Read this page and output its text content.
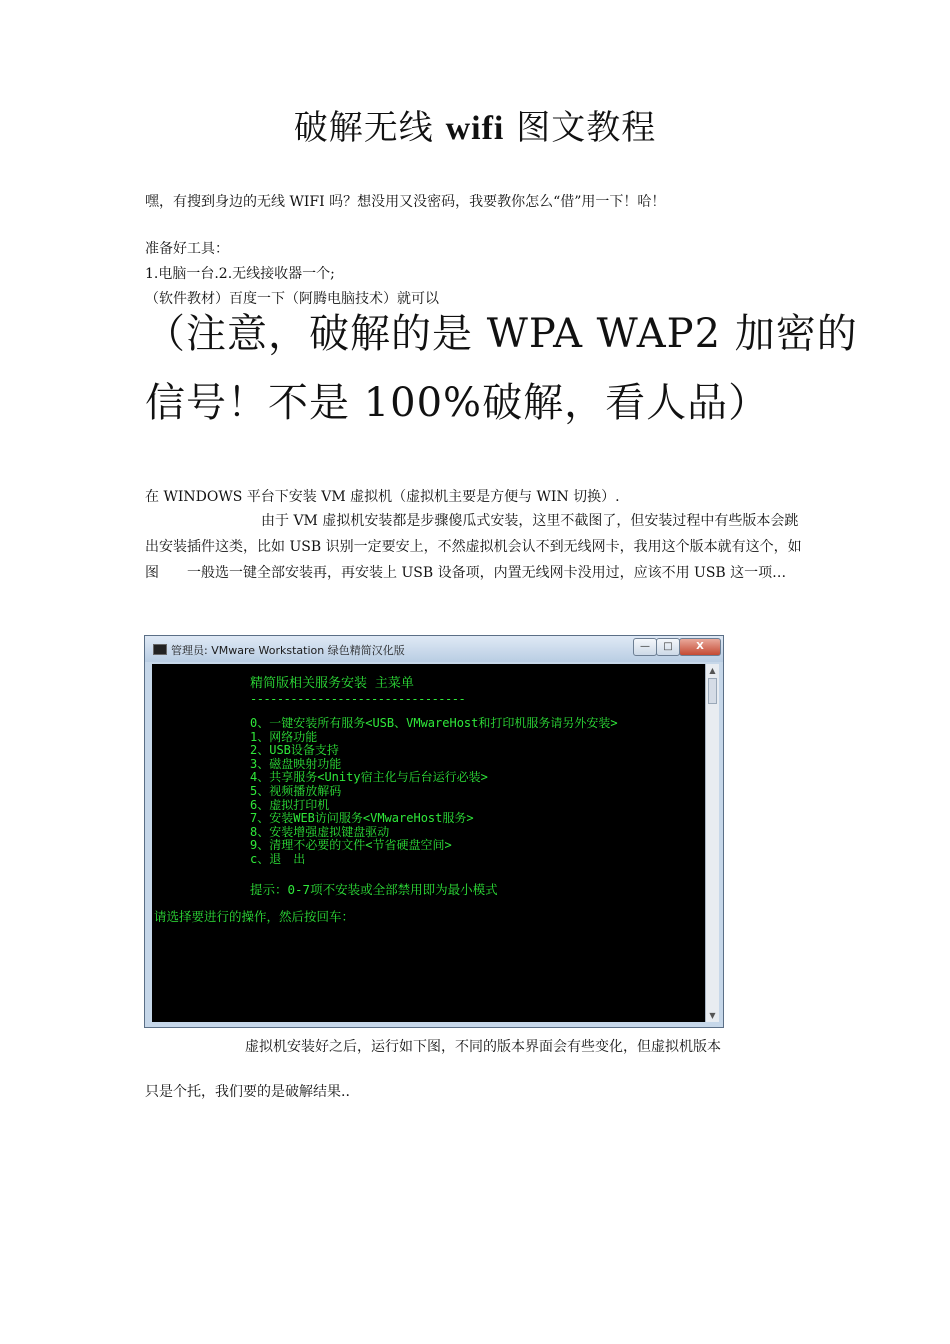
破解无线 wifi 图文教程
嘿，有搜到身边的无线 WIFI 吗？想没用又没密码，我要教你怎么“借”用一下！哈！
准备好工具：
1.电脑一台.2.无线接收器一个;
（软件教材）百度一下（阿腾电脑技术）就可以
（注意，破解的是 WPA WAP2 加密的
信号！不是 100%破解，看人品）
在 WINDOWS 平台下安装 VM 虚拟机（虚拟机主要是方便与 WIN 切换）.
由于 VM 虚拟机安装都是步骤傻瓜式安装，这里不截图了，但安装过程中有些版本会跳出安装插件这类，比如 USB 识别一定要安上，不然虚拟机会认不到无线网卡，我用这个版本就有这个，如图　　一般选一键全部安装再，再安装上 USB 设备项，内置无线网卡没用过，应该不用 USB 这一项…
管理员: VMware Workstation 绿色精简汉化版	—	□	X
精简版相关服务安装 主菜单
--------------------------------
0、一键安装所有服务<USB、VMwareHost和打印机服务请另外安装>
1、网络功能
2、USB设备支持
3、磁盘映射功能
4、共享服务<Unity宿主化与后台运行必装>
5、视频播放解码
6、虚拟打印机
7、安装WEB访问服务<VMwareHost服务>
8、安装增强虚拟键盘驱动
9、清理不必要的文件<节省硬盘空间>
c、退　出
提示：0-7项不安装或全部禁用即为最小模式
请选择要进行的操作，然后按回车：
▲
▼
虚拟机安装好之后，运行如下图，不同的版本界面会有些变化，但虚拟机版本
只是个托，我们要的是破解结果..
